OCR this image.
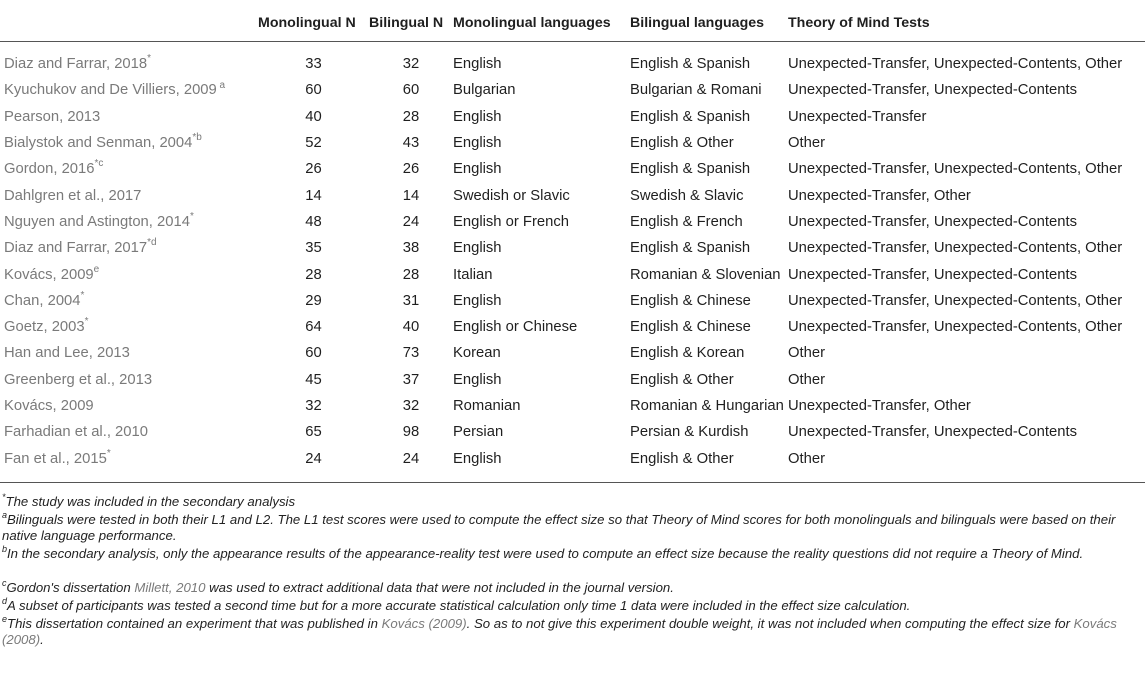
	Monolingual N	Bilingual N	Monolingual languages	Bilingual languages	Theory of Mind Tests
Diaz and Farrar, 2018*	33	32	English	English & Spanish	Unexpected-Transfer, Unexpected-Contents, Other
Kyuchukov and De Villiers, 2009 $^a$	60	60	Bulgarian	Bulgarian & Romani	Unexpected-Transfer, Unexpected-Contents
Pearson, 2013	40	28	English	English & Spanish	Unexpected-Transfer
Bialystok and Senman, 2004$^{*b}$	52	43	English	English & Other	Other
Gordon, 2016$^{*c}$	26	26	English	English & Spanish	Unexpected-Transfer, Unexpected-Contents, Other
Dahlgren et al., 2017	14	14	Swedish or Slavic	Swedish & Slavic	Unexpected-Transfer, Other
Nguyen and Astington, 2014*	48	24	English or French	English & French	Unexpected-Transfer, Unexpected-Contents
Diaz and Farrar, 2017$^{*d}$	35	38	English	English & Spanish	Unexpected-Transfer, Unexpected-Contents, Other
Kovács, 2009e	28	28	Italian	Romanian & Slovenian	Unexpected-Transfer, Unexpected-Contents
Chan, 2004*	29	31	English	English & Chinese	Unexpected-Transfer, Unexpected-Contents, Other
Goetz, 2003*	64	40	English or Chinese	English & Chinese	Unexpected-Transfer, Unexpected-Contents, Other
Han and Lee, 2013	60	73	Korean	English & Korean	Other
Greenberg et al., 2013	45	37	English	English & Other	Other
Kovács, 2009	32	32	Romanian	Romanian & Hungarian	Unexpected-Transfer, Other
Farhadian et al., 2010	65	98	Persian	Persian & Kurdish	Unexpected-Transfer, Unexpected-Contents
Fan et al., 2015*	24	24	English	English & Other	Other
*The study was included in the secondary analysis
$^a$Bilinguals were tested in both their L1 and L2. The L1 test scores were used to compute the effect size so that Theory of Mind scores for both monolinguals and bilinguals were based on their native language performance.
$^b$In the secondary analysis, only the appearance results of the appearance-reality test were used to compute an effect size because the reality questions did not require a Theory of Mind.
$^c$Gordon's dissertation Millett, 2010 was used to extract additional data that were not included in the journal version.
$^d$A subset of participants was tested a second time but for a more accurate statistical calculation only time 1 data were included in the effect size calculation.
$^e$This dissertation contained an experiment that was published in Kovács (2009). So as to not give this experiment double weight, it was not included when computing the effect size for Kovács (2008).
